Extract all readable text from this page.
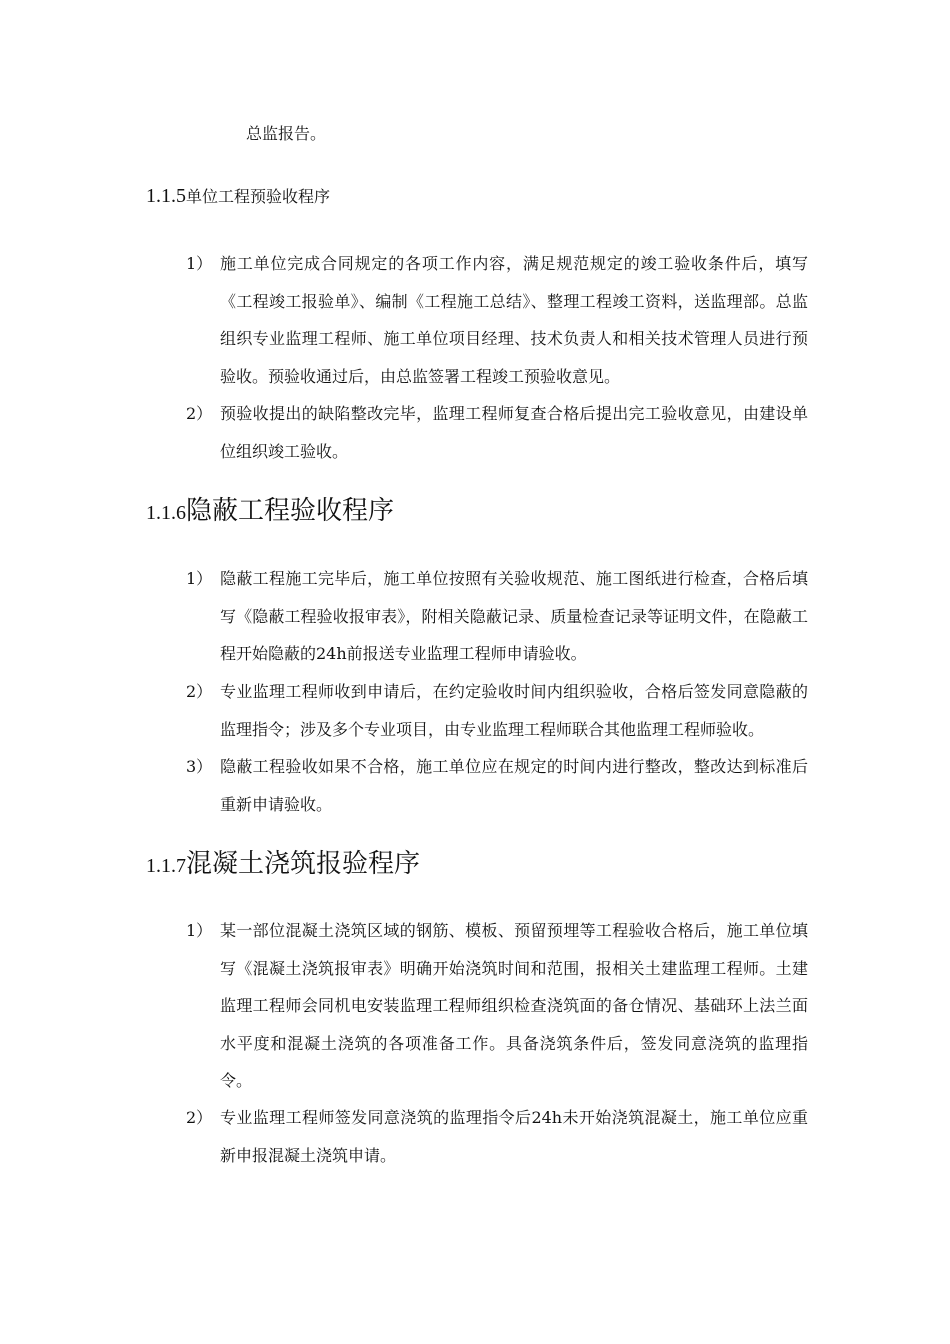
总监报告。
1.1.5单位工程预验收程序
1） 施工单位完成合同规定的各项工作内容，满足规范规定的竣工验收条件后，填写《工程竣工报验单》、编制《工程施工总结》、整理工程竣工资料，送监理部。总监组织专业监理工程师、施工单位项目经理、技术负责人和相关技术管理人员进行预验收。预验收通过后，由总监签署工程竣工预验收意见。
2） 预验收提出的缺陷整改完毕，监理工程师复查合格后提出完工验收意见，由建设单位组织竣工验收。
1.1.6隐蔽工程验收程序
1） 隐蔽工程施工完毕后，施工单位按照有关验收规范、施工图纸进行检查，合格后填写《隐蔽工程验收报审表》，附相关隐蔽记录、质量检查记录等证明文件，在隐蔽工程开始隐蔽的24h前报送专业监理工程师申请验收。
2） 专业监理工程师收到申请后，在约定验收时间内组织验收，合格后签发同意隐蔽的监理指令；涉及多个专业项目，由专业监理工程师联合其他监理工程师验收。
3） 隐蔽工程验收如果不合格，施工单位应在规定的时间内进行整改，整改达到标准后重新申请验收。
1.1.7混凝土浇筑报验程序
1） 某一部位混凝土浇筑区域的钢筋、模板、预留预埋等工程验收合格后，施工单位填写《混凝土浇筑报审表》明确开始浇筑时间和范围，报相关土建监理工程师。土建监理工程师会同机电安装监理工程师组织检查浇筑面的备仓情况、基础环上法兰面水平度和混凝土浇筑的各项准备工作。具备浇筑条件后，签发同意浇筑的监理指令。
2） 专业监理工程师签发同意浇筑的监理指令后24h未开始浇筑混凝土，施工单位应重新申报混凝土浇筑申请。
